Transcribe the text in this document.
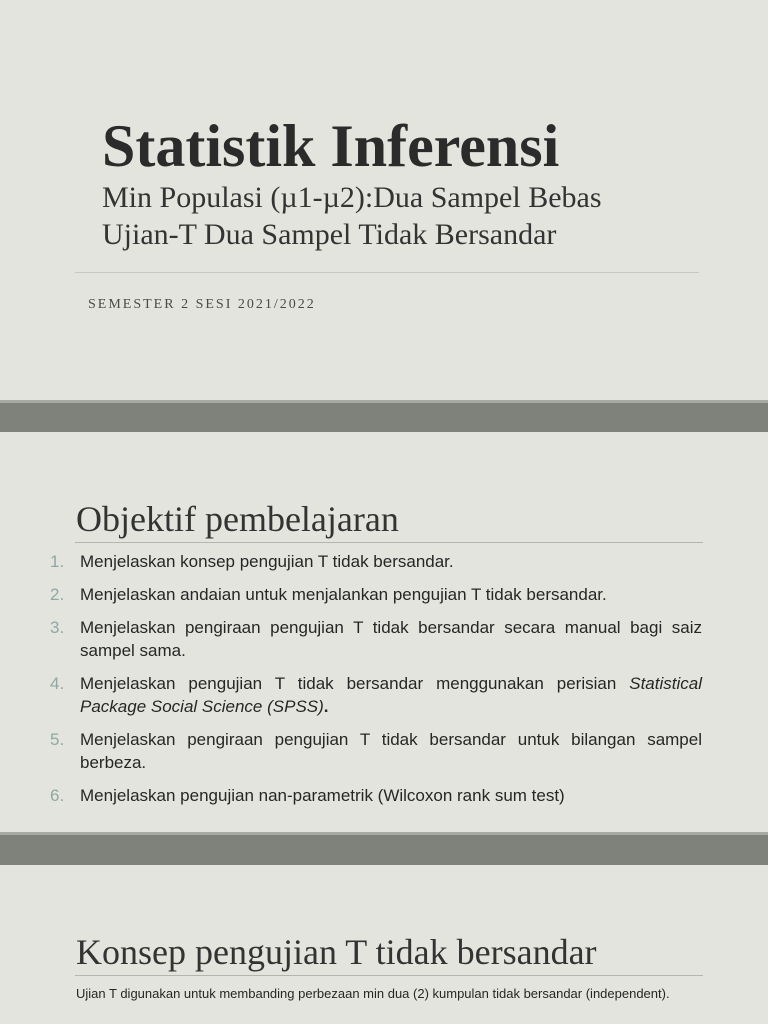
Statistik Inferensi

Min Populasi (µ1-µ2):Dua Sampel Bebas

Ujian-T Dua Sampel Tidak Bersandar

SEMESTER 2 SESI 2021/2022
Objektif pembelajaran
1. Menjelaskan konsep pengujian T tidak bersandar.
2. Menjelaskan andaian untuk menjalankan pengujian T tidak bersandar.
3. Menjelaskan pengiraan pengujian T tidak bersandar secara manual bagi saiz sampel sama.
4. Menjelaskan pengujian T tidak bersandar menggunakan perisian Statistical Package Social Science (SPSS).
5. Menjelaskan pengiraan pengujian T tidak bersandar untuk bilangan sampel berbeza.
6. Menjelaskan pengujian nan-parametrik (Wilcoxon rank sum test)
Konsep pengujian T tidak bersandar
Ujian T digunakan untuk membanding perbezaan min dua (2) kumpulan tidak bersandar (independent).
